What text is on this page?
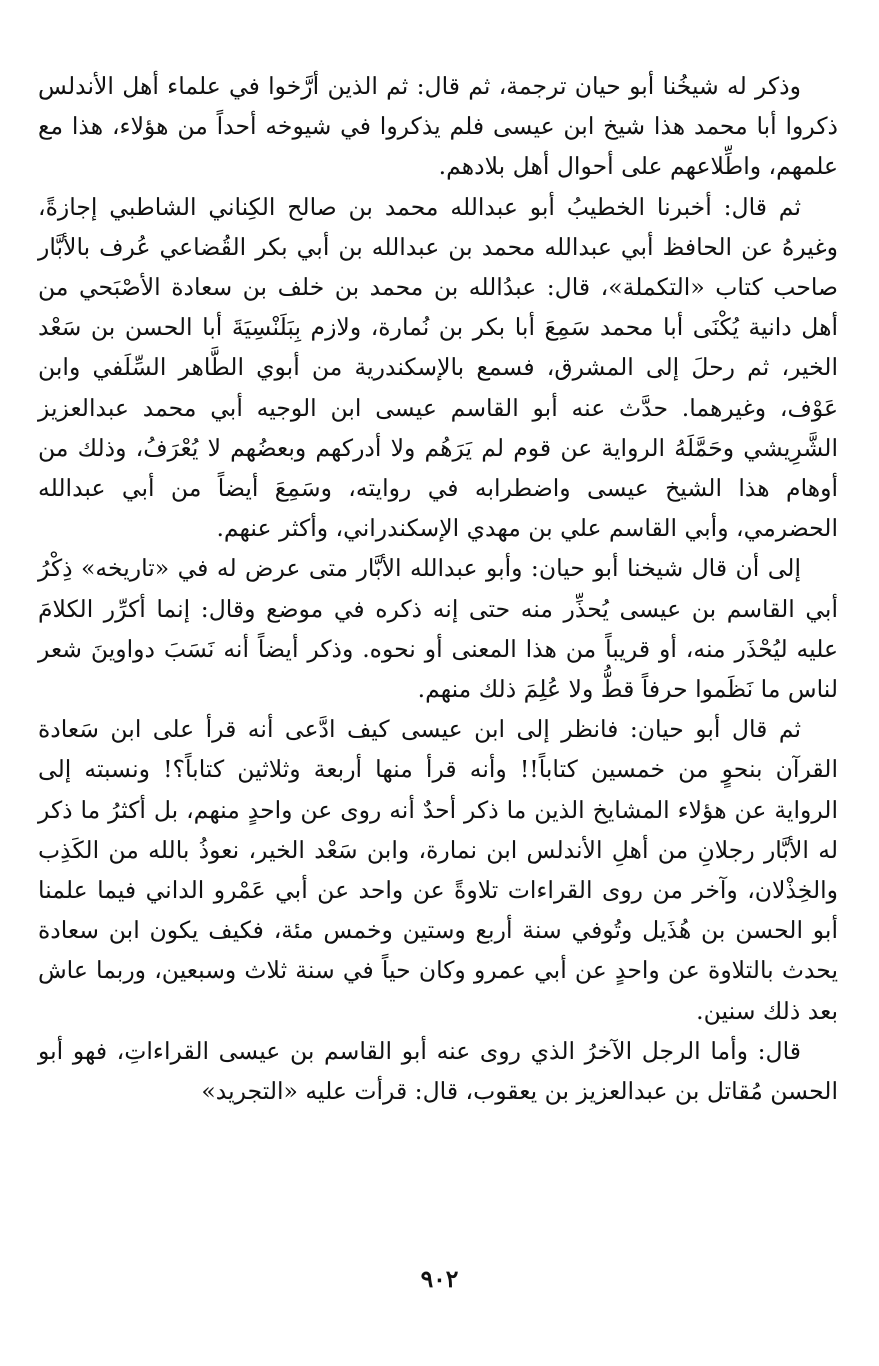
وذكر له شيخُنا أبو حيان ترجمة، ثم قال: ثم الذين أرَّخوا في علماء أهل الأندلس ذكروا أبا محمد هذا شيخ ابن عيسى فلم يذكروا في شيوخه أحداً من هؤلاء، هذا مع علمهم، واطِّلاعهم على أحوال أهل بلادهم.

ثم قال: أخبرنا الخطيبُ أبو عبدالله محمد بن صالح الكِناني الشاطبي إجازةً، وغيرهُ عن الحافظ أبي عبدالله محمد بن عبدالله بن أبي بكر القُضاعي عُرف بالأبَّار صاحب كتاب «التكملة»، قال: عبدُالله بن محمد بن خلف بن سعادة الأصْبَحي من أهل دانية يُكْنَى أبا محمد سَمِعَ أبا بكر بن نُمارة، ولازم بِبَلَنْسِيَةَ أبا الحسن بن سَعْد الخير، ثم رحلَ إلى المشرق، فسمع بالإسكندرية من أبوي الطَّاهر السِّلَفي وابن عَوْف، وغيرهما. حدَّث عنه أبو القاسم عيسى ابن الوجيه أبي محمد عبدالعزيز الشَّرِيشي وحَمَّلَهُ الرواية عن قوم لم يَرَهُم ولا أدركهم وبعضُهم لا يُعْرَفُ، وذلك من أوهام هذا الشيخ عيسى واضطرابه في روايته، وسَمِعَ أيضاً من أبي عبدالله الحضرمي، وأبي القاسم علي بن مهدي الإسكندراني، وأكثر عنهم.

إلى أن قال شيخنا أبو حيان: وأبو عبدالله الأبَّار متى عرض له في «تاريخه» ذِكْرُ أبي القاسم بن عيسى يُحذِّر منه حتى إنه ذكره في موضع وقال: إنما أكرِّر الكلامَ عليه ليُحْذَر منه، أو قريباً من هذا المعنى أو نحوه. وذكر أيضاً أنه نَسَبَ دواوينَ شعر لناس ما نَظَموا حرفاً قطُّ ولا عُلِمَ ذلك منهم.

ثم قال أبو حيان: فانظر إلى ابن عيسى كيف ادَّعى أنه قرأ على ابن سَعادة القرآن بنحوٍ من خمسين كتاباً!! وأنه قرأ منها أربعة وثلاثين كتاباً؟! ونسبته إلى الرواية عن هؤلاء المشايخ الذين ما ذكر أحدٌ أنه روى عن واحدٍ منهم، بل أكثرُ ما ذكر له الأبَّار رجلانِ من أهلِ الأندلس ابن نمارة، وابن سَعْد الخير، نعوذُ بالله من الكَذِب والخِذْلان، وآخر من روى القراءات تلاوةً عن واحد عن أبي عَمْرو الداني فيما علمنا أبو الحسن بن هُذَيل وتُوفي سنة أربع وستين وخمس مئة، فكيف يكون ابن سعادة يحدث بالتلاوة عن واحدٍ عن أبي عمرو وكان حياً في سنة ثلاث وسبعين، وربما عاش بعد ذلك سنين.

قال: وأما الرجل الآخرُ الذي روى عنه أبو القاسم بن عيسى القراءاتِ، فهو أبو الحسن مُقاتل بن عبدالعزيز بن يعقوب، قال: قرأت عليه «التجريد»

٩٠٢
